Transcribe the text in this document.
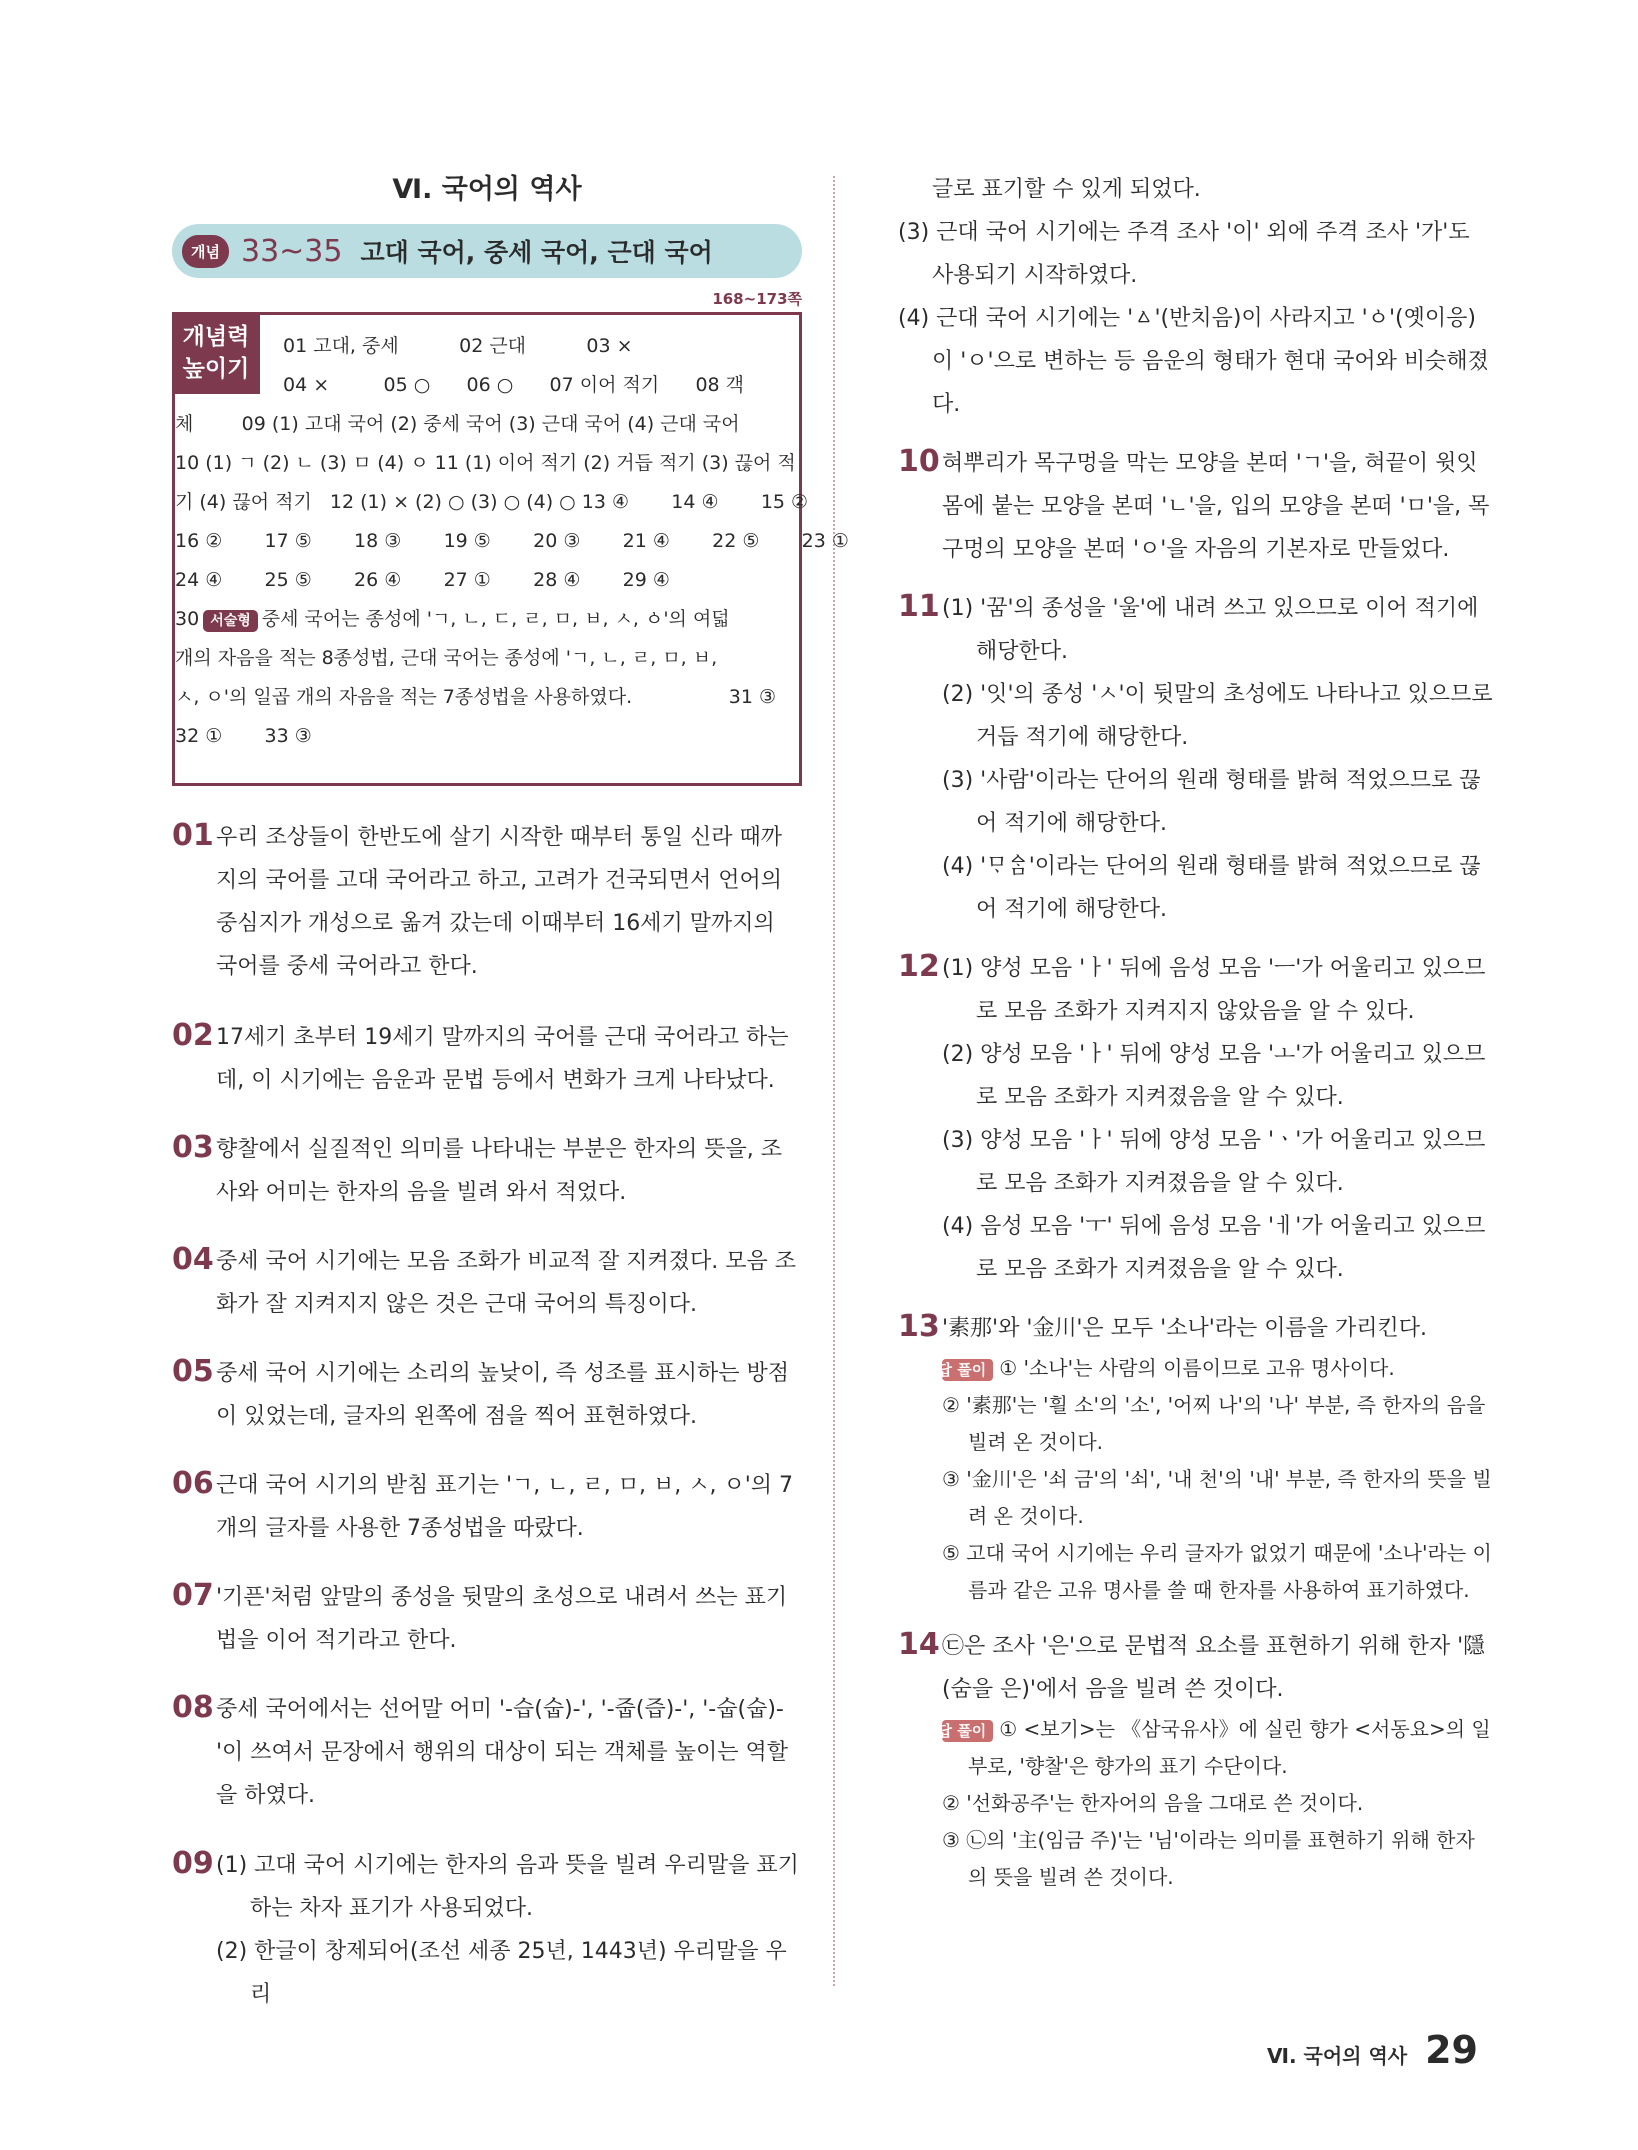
Ⅵ. 국어의 역사
개념 33~35 고대 국어, 중세 국어, 근대 국어
168~173쪽
개념력
높이기
01 고대, 중세          02 근대          03 ×
04 ×         05 ○      06 ○      07 이어 적기      08 객
체        09 (1) 고대 국어 (2) 중세 국어 (3) 근대 국어 (4) 근대 국어
10 (1) ㄱ (2) ㄴ (3) ㅁ (4) ㅇ 11 (1) 이어 적기 (2) 거듭 적기 (3) 끊어 적
기 (4) 끊어 적기   12 (1) × (2) ○ (3) ○ (4) ○ 13 ④       14 ④       15 ②
16 ②       17 ⑤       18 ③       19 ⑤       20 ③       21 ④       22 ⑤       23 ①
24 ④       25 ⑤       26 ④       27 ①       28 ④       29 ④
30 서술형 중세 국어는 종성에 'ㄱ, ㄴ, ㄷ, ㄹ, ㅁ, ㅂ, ㅅ, ㆁ'의 여덟
개의 자음을 적는 8종성법, 근대 국어는 종성에 'ㄱ, ㄴ, ㄹ, ㅁ, ㅂ,
ㅅ, ㅇ'의 일곱 개의 자음을 적는 7종성법을 사용하였다.                31 ③
32 ①       33 ③
01 우리 조상들이 한반도에 살기 시작한 때부터 통일 신라 때까지의 국어를 고대 국어라고 하고, 고려가 건국되면서 언어의 중심지가 개성으로 옮겨 갔는데 이때부터 16세기 말까지의 국어를 중세 국어라고 한다.
02 17세기 초부터 19세기 말까지의 국어를 근대 국어라고 하는데, 이 시기에는 음운과 문법 등에서 변화가 크게 나타났다.
03 향찰에서 실질적인 의미를 나타내는 부분은 한자의 뜻을, 조사와 어미는 한자의 음을 빌려 와서 적었다.
04 중세 국어 시기에는 모음 조화가 비교적 잘 지켜졌다. 모음 조화가 잘 지켜지지 않은 것은 근대 국어의 특징이다.
05 중세 국어 시기에는 소리의 높낮이, 즉 성조를 표시하는 방점이 있었는데, 글자의 왼쪽에 점을 찍어 표현하였다.
06 근대 국어 시기의 받침 표기는 'ㄱ, ㄴ, ㄹ, ㅁ, ㅂ, ㅅ, ㅇ'의 7개의 글자를 사용한 7종성법을 따랐다.
07 '기픈'처럼 앞말의 종성을 뒷말의 초성으로 내려서 쓰는 표기법을 이어 적기라고 한다.
08 중세 국어에서는 선어말 어미 '-습(숩)-', '-줍(즙)-', '-숩(숩)-'이 쓰여서 문장에서 행위의 대상이 되는 객체를 높이는 역할을 하였다.
09 (1) 고대 국어 시기에는 한자의 음과 뜻을 빌려 우리말을 표기하는 차자 표기가 사용되었다.
(2) 한글이 창제되어(조선 세종 25년, 1443년) 우리말을 우리
글로 표기할 수 있게 되었다.
(3) 근대 국어 시기에는 주격 조사 '이' 외에 주격 조사 '가'도 사용되기 시작하였다.
(4) 근대 국어 시기에는 'ㅿ'(반치음)이 사라지고 'ㆁ'(옛이응)이 'ㅇ'으로 변하는 등 음운의 형태가 현대 국어와 비슷해졌다.
10 혀뿌리가 목구멍을 막는 모양을 본떠 'ㄱ'을, 혀끝이 윗잇몸에 붙는 모양을 본떠 'ㄴ'을, 입의 모양을 본떠 'ㅁ'을, 목구멍의 모양을 본떠 'ㅇ'을 자음의 기본자로 만들었다.
11 (1) '꿈'의 종성을 '울'에 내려 쓰고 있으므로 이어 적기에 해당한다.
(2) '잇'의 종성 'ㅅ'이 뒷말의 초성에도 나타나고 있으므로 거듭 적기에 해당한다.
(3) '사람'이라는 단어의 원래 형태를 밝혀 적었으므로 끊어 적기에 해당한다.
(4) 'ᄆᆞᅀᆞᆷ'이라는 단어의 원래 형태를 밝혀 적었으므로 끊어 적기에 해당한다.
12 (1) 양성 모음 'ㅏ' 뒤에 음성 모음 'ㅡ'가 어울리고 있으므로 모음 조화가 지켜지지 않았음을 알 수 있다.
(2) 양성 모음 'ㅏ' 뒤에 양성 모음 'ㅗ'가 어울리고 있으므로 모음 조화가 지켜졌음을 알 수 있다.
(3) 양성 모음 'ㅏ' 뒤에 양성 모음 'ㆍ'가 어울리고 있으므로 모음 조화가 지켜졌음을 알 수 있다.
(4) 음성 모음 'ㅜ' 뒤에 음성 모음 'ㅔ'가 어울리고 있으므로 모음 조화가 지켜졌음을 알 수 있다.
13 '素那'와 '金川'은 모두 '소나'라는 이름을 가리킨다.
오답 풀이 ① '소나'는 사람의 이름이므로 고유 명사이다.
② '素那'는 '흴 소'의 '소', '어찌 나'의 '나' 부분, 즉 한자의 음을 빌려 온 것이다.
③ '金川'은 '쇠 금'의 '쇠', '내 천'의 '내' 부분, 즉 한자의 뜻을 빌려 온 것이다.
⑤ 고대 국어 시기에는 우리 글자가 없었기 때문에 '소나'라는 이름과 같은 고유 명사를 쓸 때 한자를 사용하여 표기하였다.
14 ㉢은 조사 '은'으로 문법적 요소를 표현하기 위해 한자 '隱(숨을 은)'에서 음을 빌려 쓴 것이다.
오답 풀이 ① <보기>는 《삼국유사》에 실린 향가 <서동요>의 일부로, '향찰'은 향가의 표기 수단이다.
② '선화공주'는 한자어의 음을 그대로 쓴 것이다.
③ ㉡의 '主(임금 주)'는 '님'이라는 의미를 표현하기 위해 한자의 뜻을 빌려 쓴 것이다.
Ⅵ. 국어의 역사 29
